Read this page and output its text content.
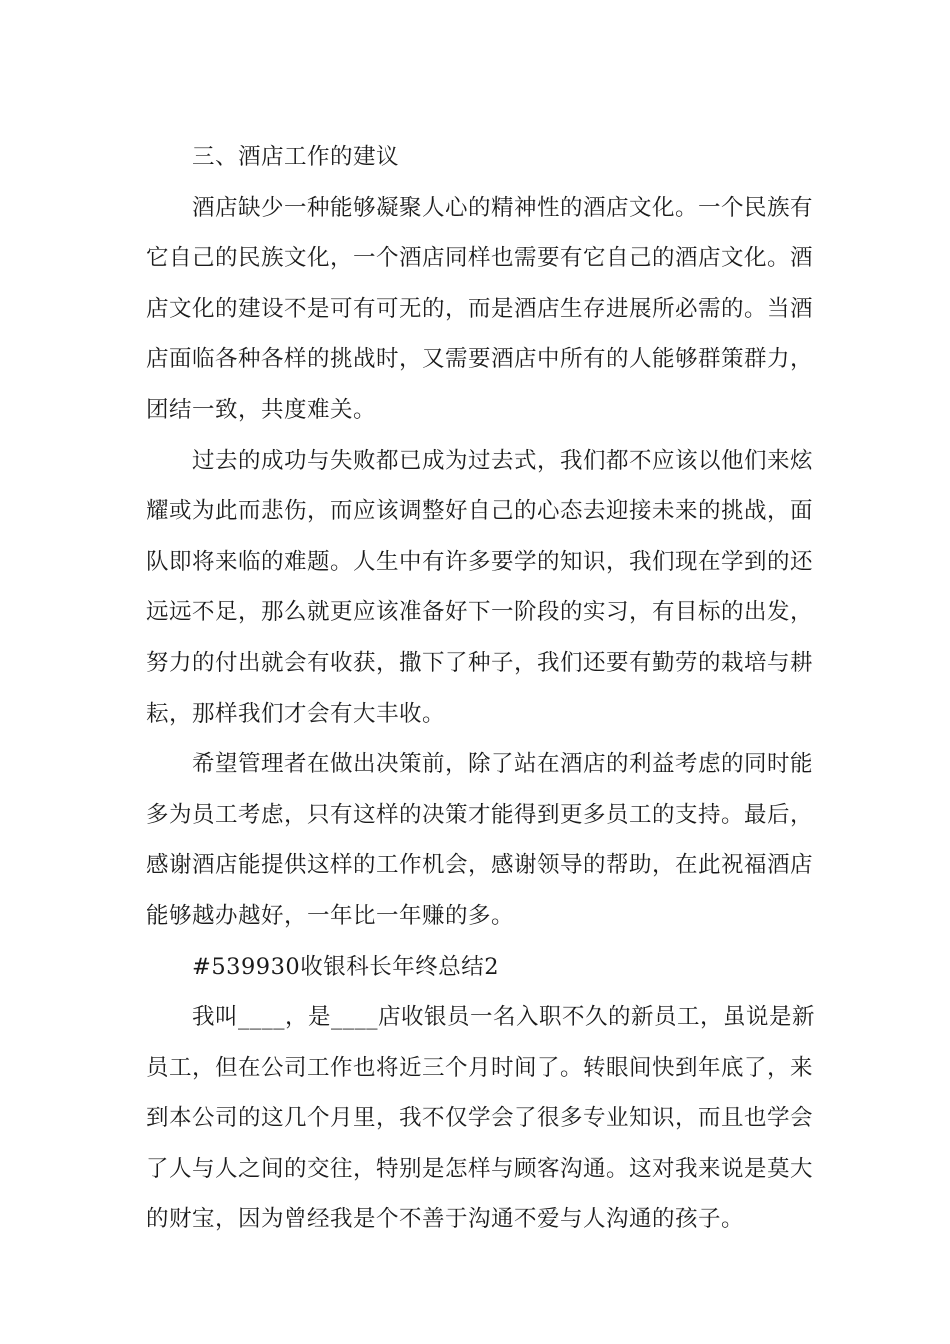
三、酒店工作的建议
酒店缺少一种能够凝聚人心的精神性的酒店文化。一个民族有
它自己的民族文化，一个酒店同样也需要有它自己的酒店文化。酒
店文化的建设不是可有可无的，而是酒店生存进展所必需的。当酒
店面临各种各样的挑战时，又需要酒店中所有的人能够群策群力，
团结一致，共度难关。
过去的成功与失败都已成为过去式，我们都不应该以他们来炫
耀或为此而悲伤，而应该调整好自己的心态去迎接未来的挑战，面
队即将来临的难题。人生中有许多要学的知识，我们现在学到的还
远远不足，那么就更应该准备好下一阶段的实习，有目标的出发，
努力的付出就会有收获，撒下了种子，我们还要有勤劳的栽培与耕
耘，那样我们才会有大丰收。
希望管理者在做出决策前，除了站在酒店的利益考虑的同时能
多为员工考虑，只有这样的决策才能得到更多员工的支持。最后，
感谢酒店能提供这样的工作机会，感谢领导的帮助，在此祝福酒店
能够越办越好，一年比一年赚的多。
#539930收银科长年终总结2
我叫____，是____店收银员一名入职不久的新员工，虽说是新
员工，但在公司工作也将近三个月时间了。转眼间快到年底了，来
到本公司的这几个月里，我不仅学会了很多专业知识，而且也学会
了人与人之间的交往，特别是怎样与顾客沟通。这对我来说是莫大
的财宝，因为曾经我是个不善于沟通不爱与人沟通的孩子。
